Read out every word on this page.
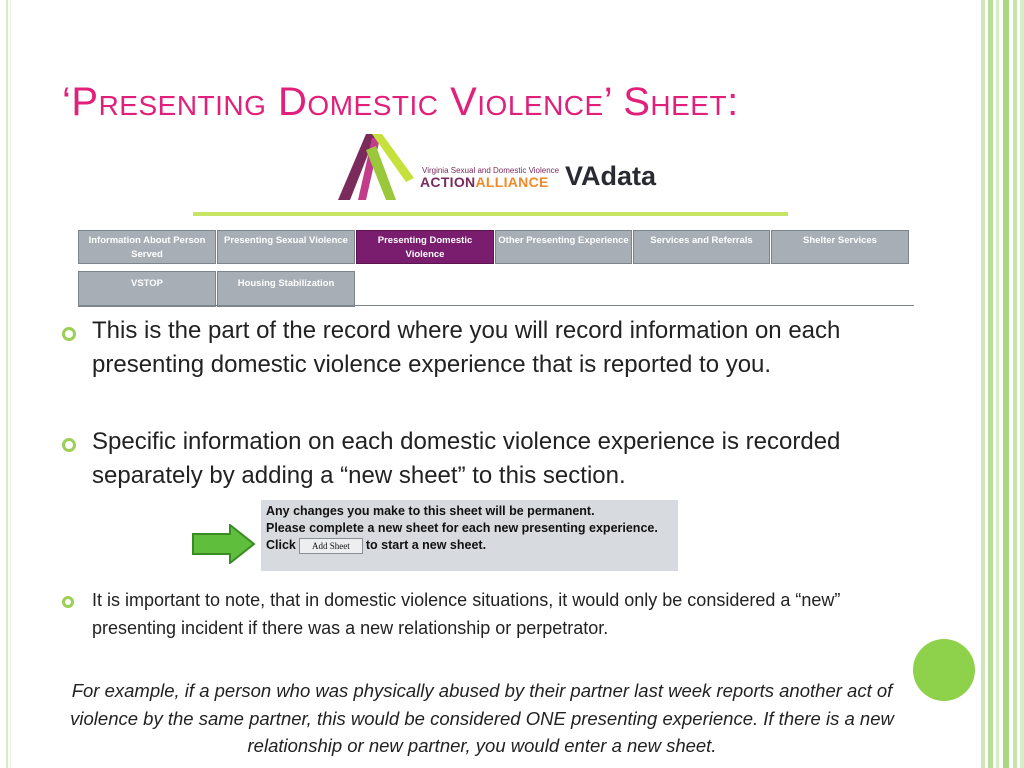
‘Presenting Domestic Violence’ Sheet:
Virginia Sexual and Domestic Violence
ACTIONALLIANCE VAdata
Information About Person Served
Presenting Sexual Violence	Presenting Domestic Violence
Other Presenting Experience	Services and Referrals	Shelter Services
VSTOP	Housing Stabilization
This is the part of the record where you will record information on each presenting domestic violence experience that is reported to you.
Specific information on each domestic violence experience is recorded separately by adding a “new sheet” to this section.
Any changes you make to this sheet will be permanent.
Please complete a new sheet for each new presenting experience.
Click Add Sheet to start a new sheet.
It is important to note, that in domestic violence situations, it would only be considered a “new” presenting incident if there was a new relationship or perpetrator.
For example, if a person who was physically abused by their partner last week reports another act of violence by the same partner, this would be considered ONE presenting experience. If there is a new relationship or new partner, you would enter a new sheet.
